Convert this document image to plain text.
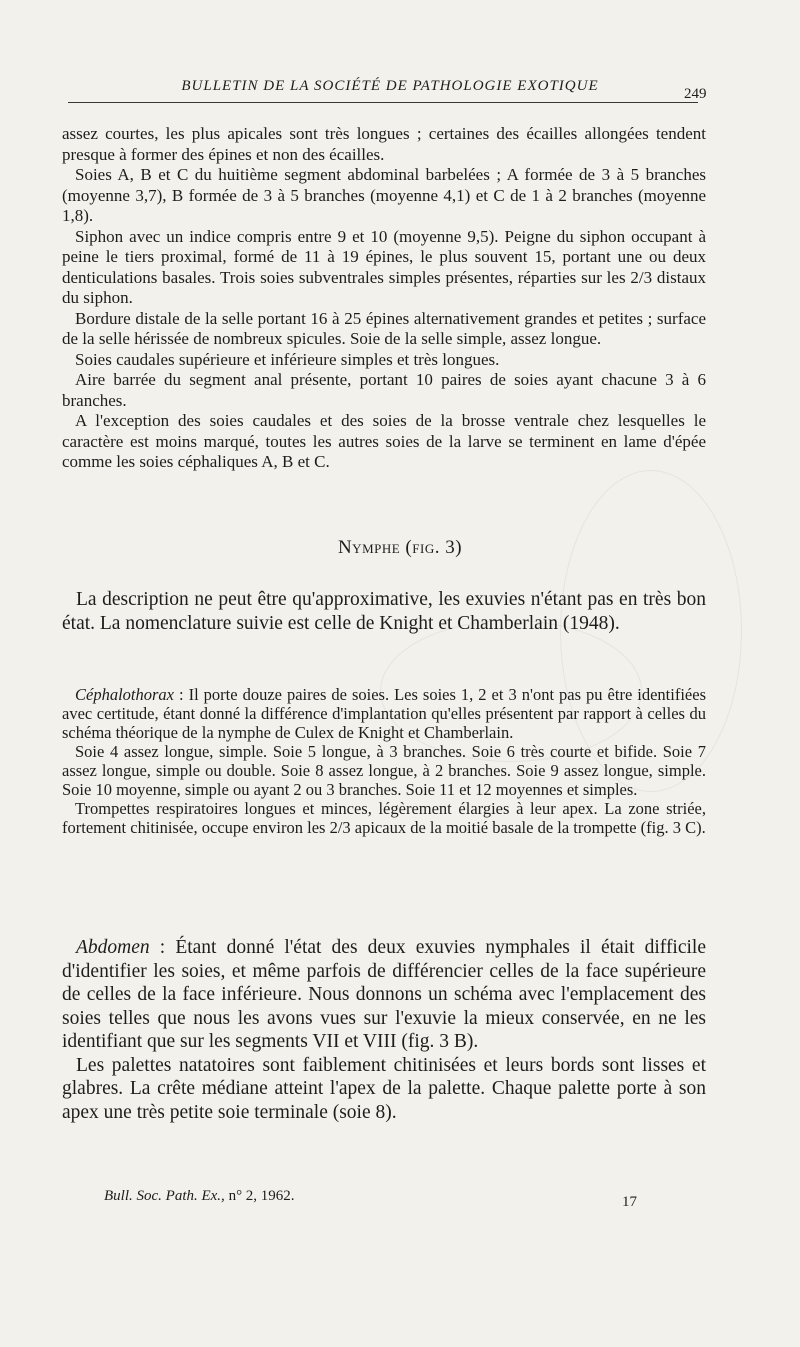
BULLETIN DE LA SOCIÉTÉ DE PATHOLOGIE EXOTIQUE	249

assez courtes, les plus apicales sont très longues ; certaines des écailles allongées tendent presque à former des épines et non des écailles.

Soies A, B et C du huitième segment abdominal barbelées ; A formée de 3 à 5 branches (moyenne 3,7), B formée de 3 à 5 branches (moyenne 4,1) et C de 1 à 2 branches (moyenne 1,8).

Siphon avec un indice compris entre 9 et 10 (moyenne 9,5). Peigne du siphon occupant à peine le tiers proximal, formé de 11 à 19 épines, le plus souvent 15, portant une ou deux denticulations basales. Trois soies subventrales simples présentes, réparties sur les 2/3 distaux du siphon.

Bordure distale de la selle portant 16 à 25 épines alternativement grandes et petites ; surface de la selle hérissée de nombreux spicules. Soie de la selle simple, assez longue.

Soies caudales supérieure et inférieure simples et très longues.

Aire barrée du segment anal présente, portant 10 paires de soies ayant chacune 3 à 6 branches.

A l'exception des soies caudales et des soies de la brosse ventrale chez lesquelles le caractère est moins marqué, toutes les autres soies de la larve se terminent en lame d'épée comme les soies céphaliques A, B et C.

Nymphe (fig. 3)

La description ne peut être qu'approximative, les exuvies n'étant pas en très bon état. La nomenclature suivie est celle de Knight et Chamberlain (1948).

Céphalothorax : Il porte douze paires de soies. Les soies 1, 2 et 3 n'ont pas pu être identifiées avec certitude, étant donné la différence d'implantation qu'elles présentent par rapport à celles du schéma théorique de la nymphe de Culex de Knight et Chamberlain.

Soie 4 assez longue, simple. Soie 5 longue, à 3 branches. Soie 6 très courte et bifide. Soie 7 assez longue, simple ou double. Soie 8 assez longue, à 2 branches. Soie 9 assez longue, simple. Soie 10 moyenne, simple ou ayant 2 ou 3 branches. Soie 11 et 12 moyennes et simples.

Trompettes respiratoires longues et minces, légèrement élargies à leur apex. La zone striée, fortement chitinisée, occupe environ les 2/3 apicaux de la moitié basale de la trompette (fig. 3 C).

Abdomen : Étant donné l'état des deux exuvies nymphales il était difficile d'identifier les soies, et même parfois de différencier celles de la face supérieure de celles de la face inférieure. Nous donnons un schéma avec l'emplacement des soies telles que nous les avons vues sur l'exuvie la mieux conservée, en ne les identifiant que sur les segments VII et VIII (fig. 3 B).

Les palettes natatoires sont faiblement chitinisées et leurs bords sont lisses et glabres. La crête médiane atteint l'apex de la palette. Chaque palette porte à son apex une très petite soie terminale (soie 8).

Bull. Soc. Path. Ex., n° 2, 1962.	17
